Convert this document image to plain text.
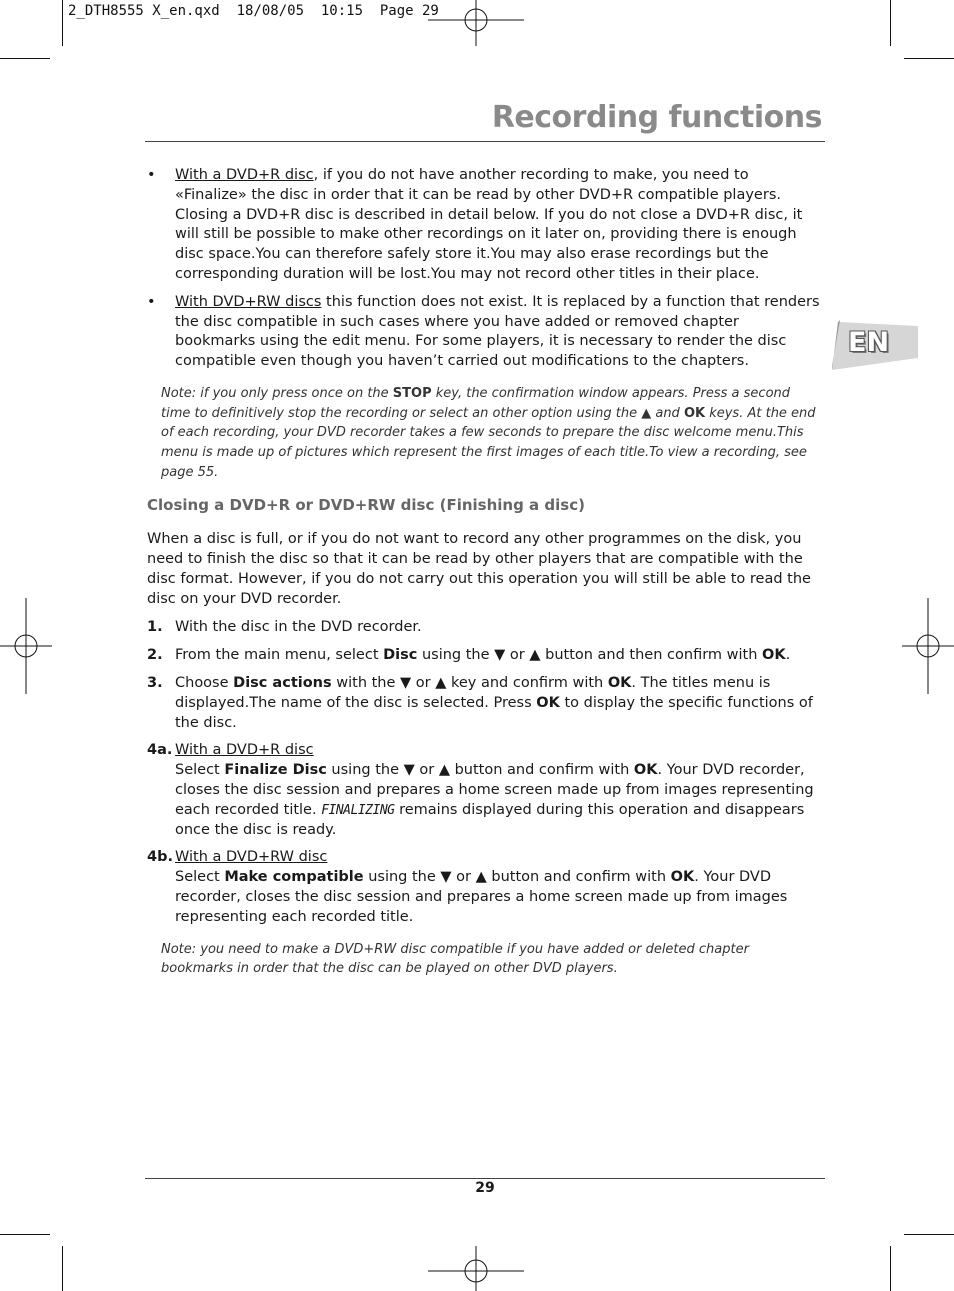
2_DTH8555 X_en.qxd  18/08/05  10:15  Page 29
Recording functions
EN
• With a DVD+R disc, if you do not have another recording to make, you need to «Finalize» the disc in order that it can be read by other DVD+R compatible players. Closing a DVD+R disc is described in detail below. If you do not close a DVD+R disc, it will still be possible to make other recordings on it later on, providing there is enough disc space.You can therefore safely store it.You may also erase recordings but the corresponding duration will be lost.You may not record other titles in their place.
• With DVD+RW discs this function does not exist. It is replaced by a function that renders the disc compatible in such cases where you have added or removed chapter bookmarks using the edit menu. For some players, it is necessary to render the disc compatible even though you haven’t carried out modifications to the chapters.

Note: if you only press once on the STOP key, the confirmation window appears. Press a second time to definitively stop the recording or select an other option using the ▲ and OK keys. At the end of each recording, your DVD recorder takes a few seconds to prepare the disc welcome menu.This menu is made up of pictures which represent the first images of each title.To view a recording, see page 55.

Closing a DVD+R or DVD+RW disc (Finishing a disc)

When a disc is full, or if you do not want to record any other programmes on the disk, you need to finish the disc so that it can be read by other players that are compatible with the disc format. However, if you do not carry out this operation you will still be able to read the disc on your DVD recorder.

1. With the disc in the DVD recorder.
2. From the main menu, select Disc using the ▼ or ▲ button and then confirm with OK.
3. Choose Disc actions with the ▼ or ▲ key and confirm with OK. The titles menu is displayed.The name of the disc is selected. Press OK to display the specific functions of the disc.
4a. With a DVD+R disc
Select Finalize Disc using the ▼ or ▲ button and confirm with OK. Your DVD recorder, closes the disc session and prepares a home screen made up from images representing each recorded title. FINALIZING remains displayed during this operation and disappears once the disc is ready.
4b. With a DVD+RW disc
Select Make compatible using the ▼ or ▲ button and confirm with OK. Your DVD recorder, closes the disc session and prepares a home screen made up from images representing each recorded title.

Note: you need to make a DVD+RW disc compatible if you have added or deleted chapter bookmarks in order that the disc can be played on other DVD players.

29
